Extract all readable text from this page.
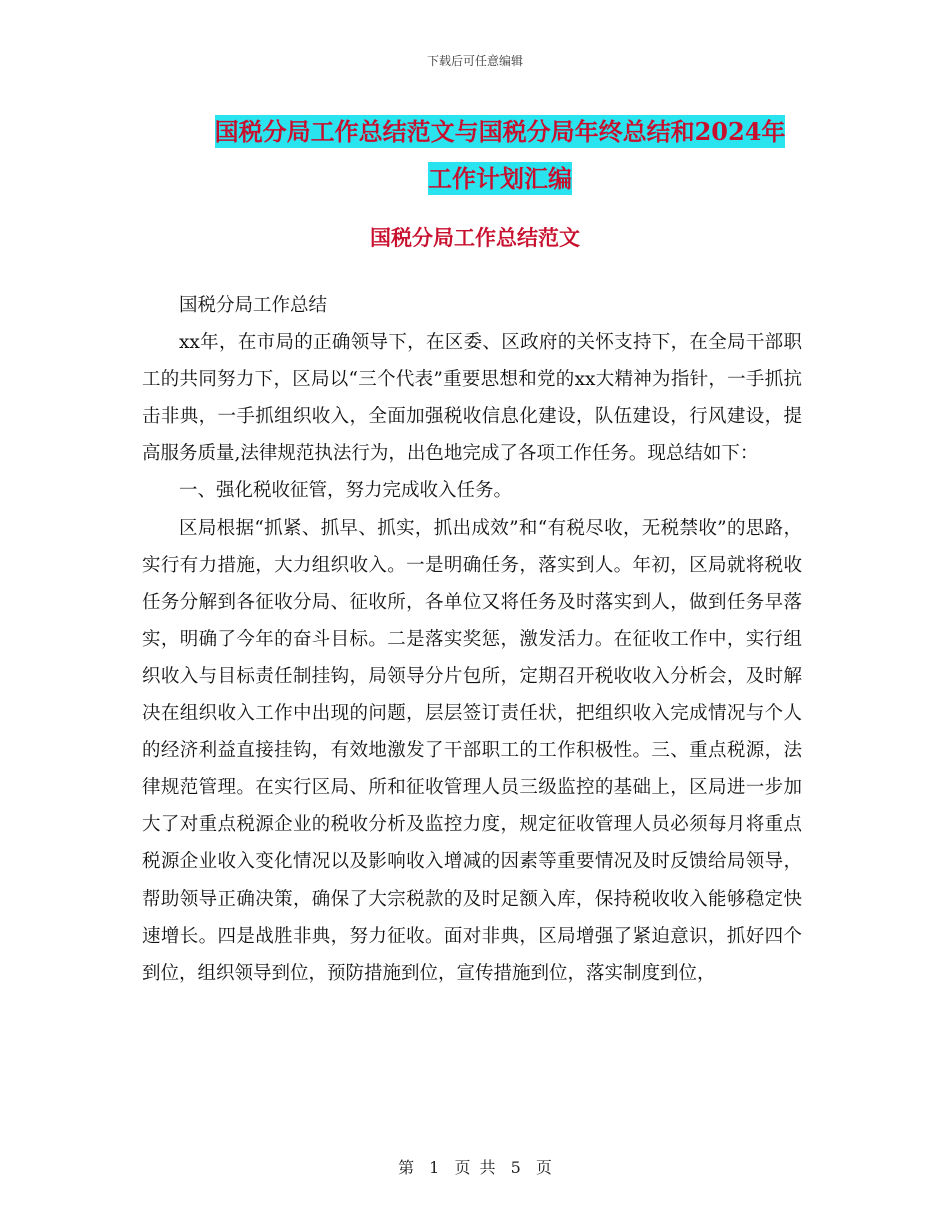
下载后可任意编辑
国税分局工作总结范文与国税分局年终总结和2024年
工作计划汇编
国税分局工作总结范文

国税分局工作总结

xx年，在市局的正确领导下，在区委、区政府的关怀支持下，在全局干部职工的共同努力下，区局以“三个代表”重要思想和党的xx大精神为指针，一手抓抗击非典，一手抓组织收入，全面加强税收信息化建设，队伍建设，行风建设，提高服务质量,法律规范执法行为，出色地完成了各项工作任务。现总结如下：

一、强化税收征管，努力完成收入任务。

区局根据“抓紧、抓早、抓实，抓出成效”和“有税尽收，无税禁收”的思路，实行有力措施，大力组织收入。一是明确任务，落实到人。年初，区局就将税收任务分解到各征收分局、征收所，各单位又将任务及时落实到人，做到任务早落实，明确了今年的奋斗目标。二是落实奖惩，激发活力。在征收工作中，实行组织收入与目标责任制挂钩，局领导分片包所，定期召开税收收入分析会，及时解决在组织收入工作中出现的问题，层层签订责任状，把组织收入完成情况与个人的经济利益直接挂钩，有效地激发了干部职工的工作积极性。三、重点税源，法律规范管理。在实行区局、所和征收管理人员三级监控的基础上，区局进一步加大了对重点税源企业的税收分析及监控力度，规定征收管理人员必须每月将重点税源企业收入变化情况以及影响收入增减的因素等重要情况及时反馈给局领导，帮助领导正确决策，确保了大宗税款的及时足额入库，保持税收收入能够稳定快速增长。四是战胜非典，努力征收。面对非典，区局增强了紧迫意识，抓好四个到位，组织领导到位，预防措施到位，宣传措施到位，落实制度到位，

第 1 页 共 5 页
